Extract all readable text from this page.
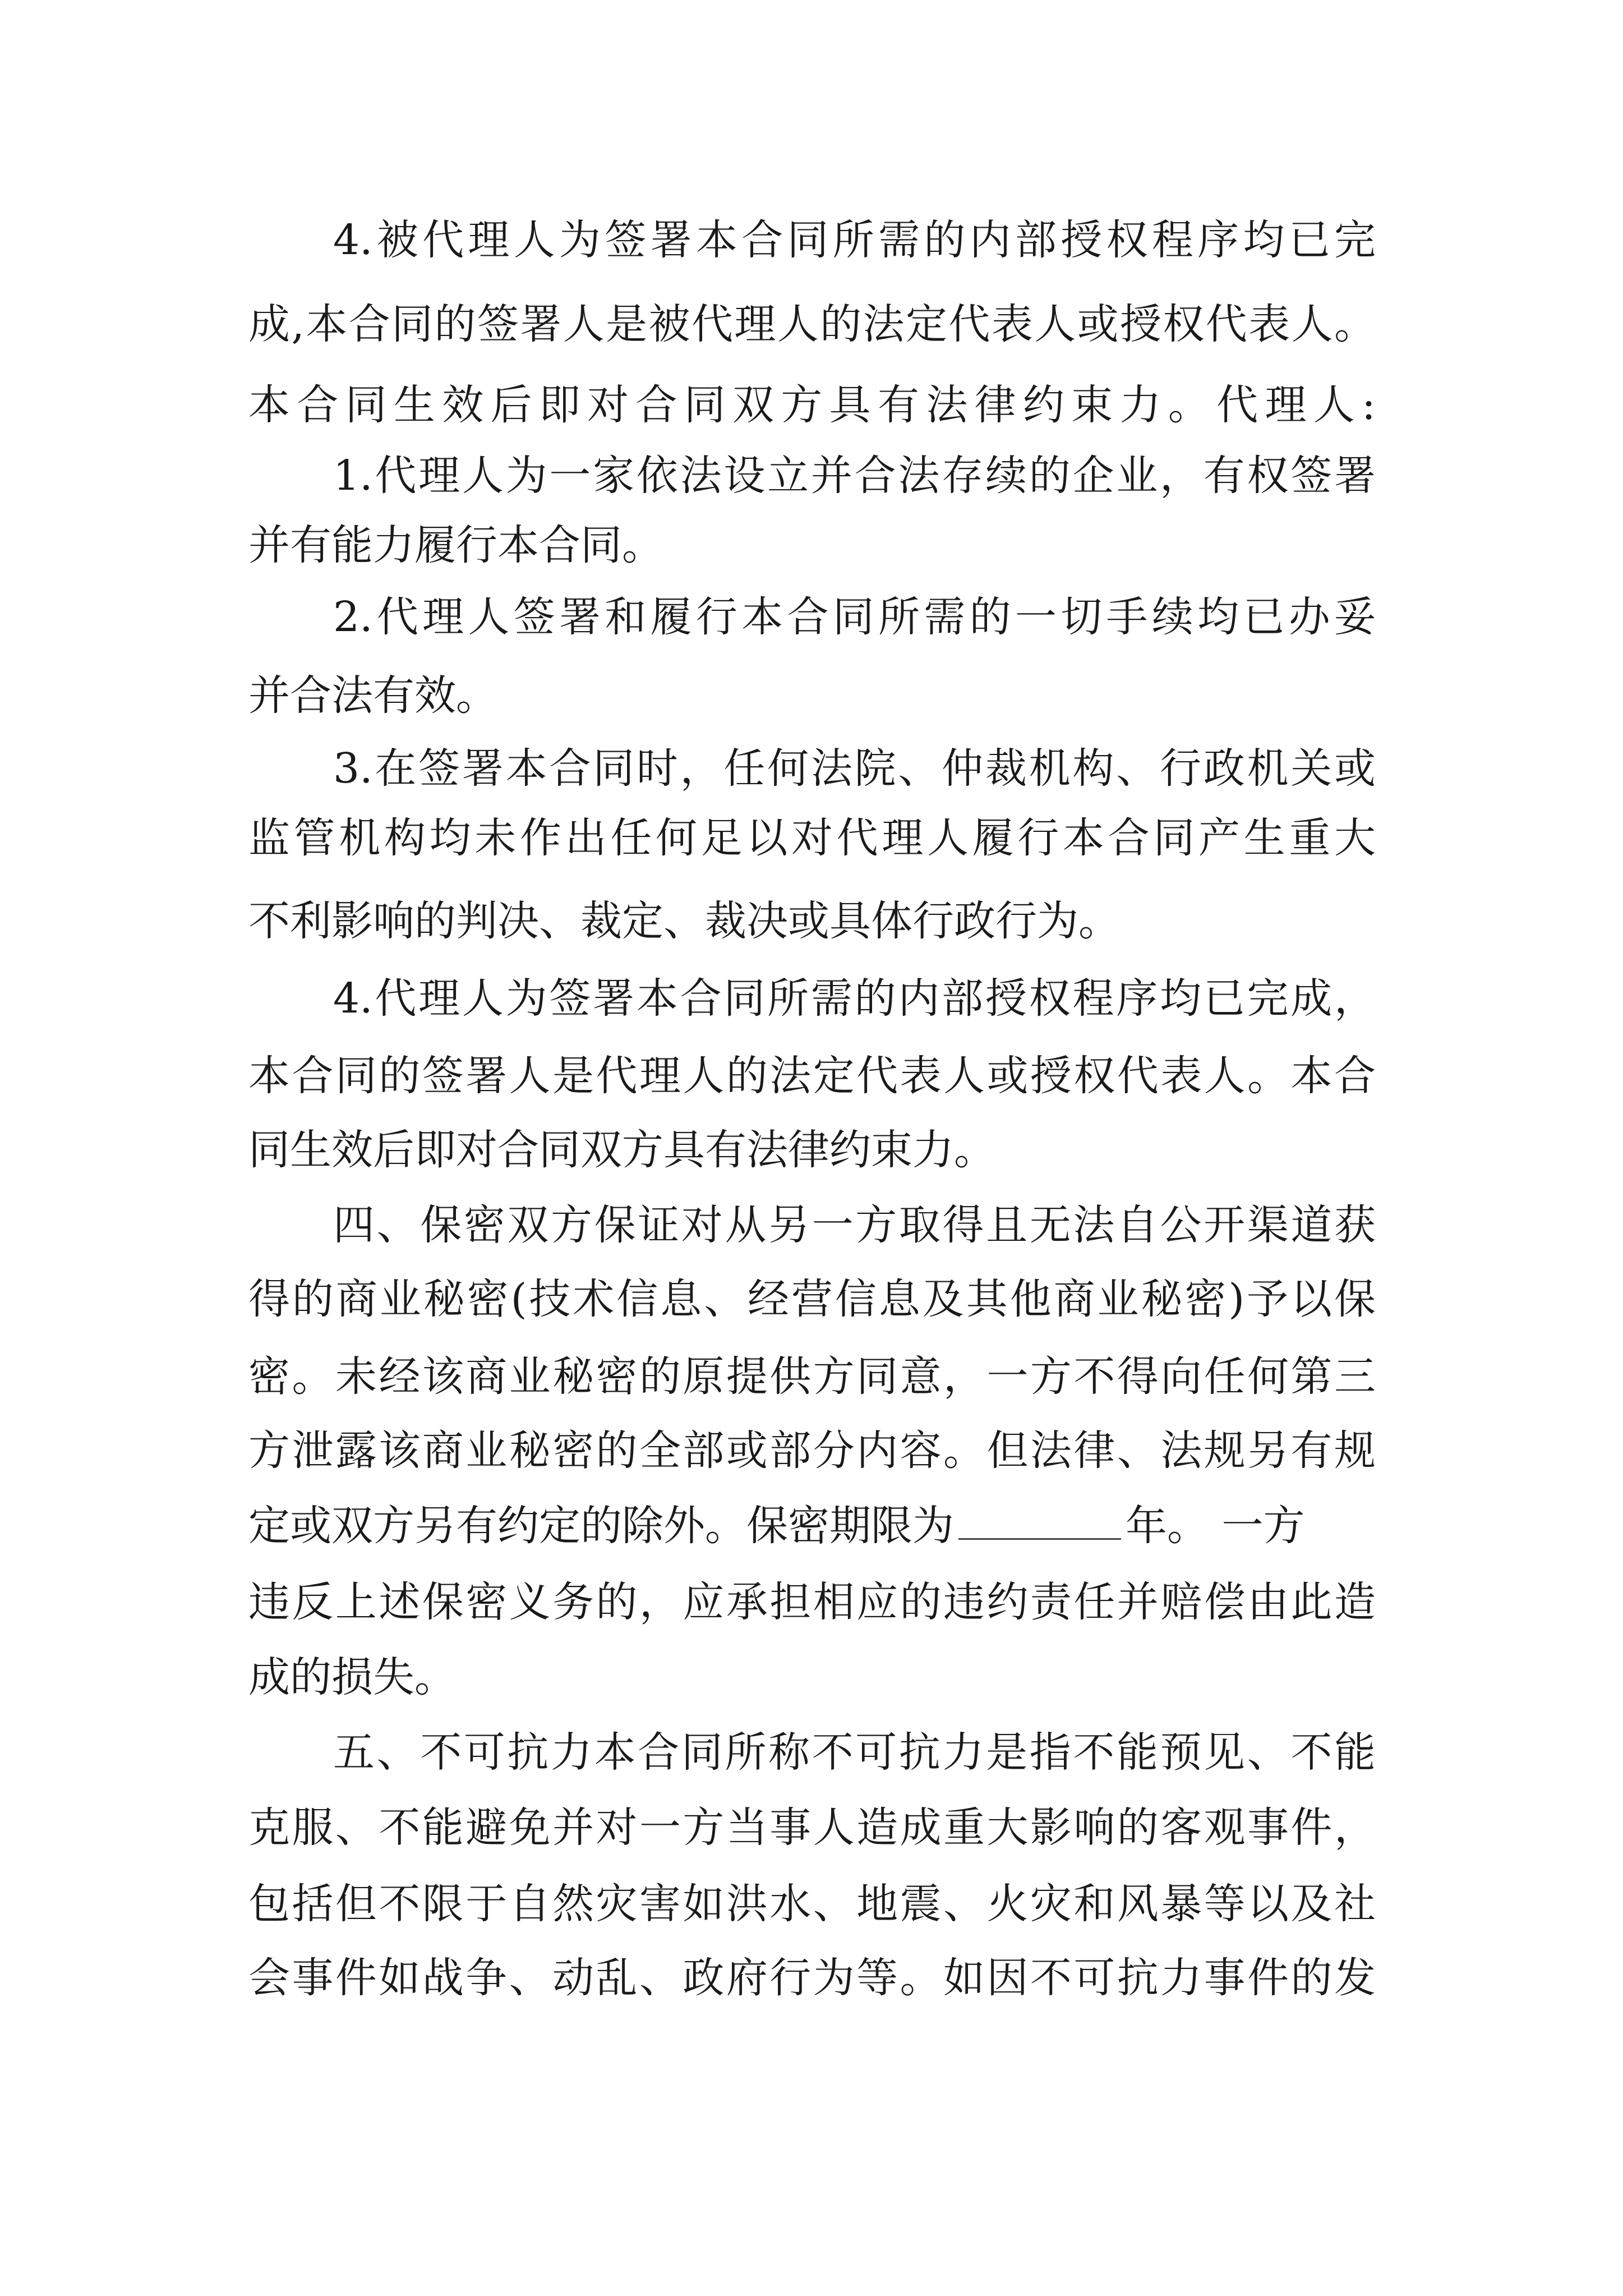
4.被代理人为签署本合同所需的内部授权程序均已完
成,本合同的签署人是被代理人的法定代表人或授权代表人。
本合同生效后即对合同双方具有法律约束力。代理人:
1.代理人为一家依法设立并合法存续的企业，有权签署
并有能力履行本合同。
2.代理人签署和履行本合同所需的一切手续均已办妥
并合法有效。
3.在签署本合同时，任何法院、仲裁机构、行政机关或
监管机构均未作出任何足以对代理人履行本合同产生重大
不利影响的判决、裁定、裁决或具体行政行为。
4.代理人为签署本合同所需的内部授权程序均已完成，
本合同的签署人是代理人的法定代表人或授权代表人。本合
同生效后即对合同双方具有法律约束力。
四、保密双方保证对从另一方取得且无法自公开渠道获
得的商业秘密(技术信息、经营信息及其他商业秘密)予以保
密。未经该商业秘密的原提供方同意，一方不得向任何第三
方泄露该商业秘密的全部或部分内容。但法律、法规另有规
定或双方另有约定的除外。保密期限为	年。 一方
违反上述保密义务的，应承担相应的违约责任并赔偿由此造
成的损失。
五、不可抗力本合同所称不可抗力是指不能预见、不能
克服、不能避免并对一方当事人造成重大影响的客观事件，
包括但不限于自然灾害如洪水、地震、火灾和风暴等以及社
会事件如战争、动乱、政府行为等。如因不可抗力事件的发
